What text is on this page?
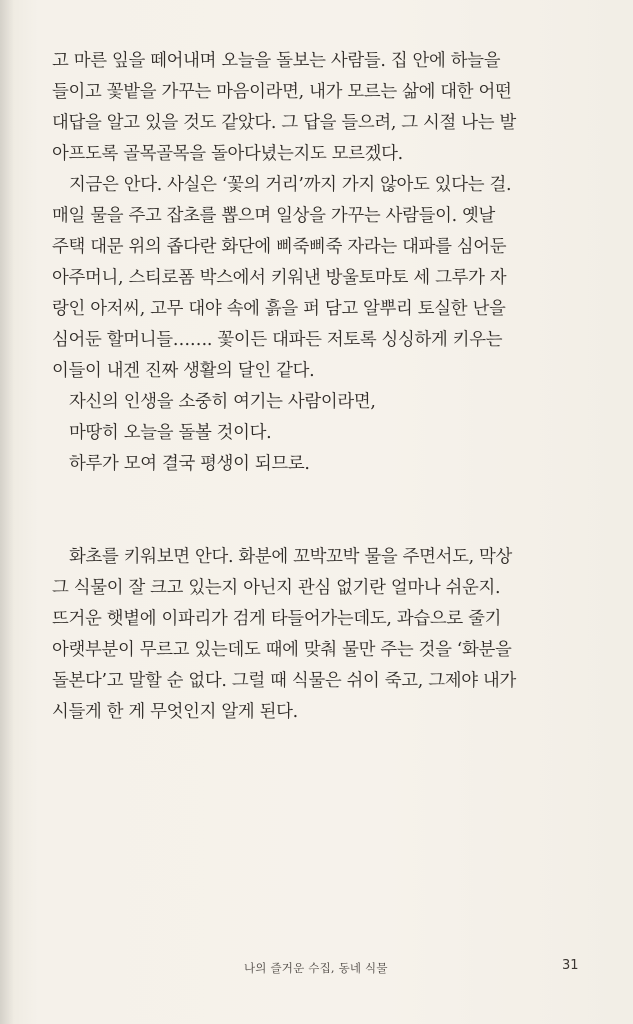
고 마른 잎을 떼어내며 오늘을 돌보는 사람들. 집 안에 하늘을
들이고 꽃밭을 가꾸는 마음이라면, 내가 모르는 삶에 대한 어떤
대답을 알고 있을 것도 같았다. 그 답을 들으려, 그 시절 나는 발
아프도록 골목골목을 돌아다녔는지도 모르겠다.
지금은 안다. 사실은 ‘꽃의 거리’까지 가지 않아도 있다는 걸.
매일 물을 주고 잡초를 뽑으며 일상을 가꾸는 사람들이. 옛날
주택 대문 위의 좁다란 화단에 삐죽삐죽 자라는 대파를 심어둔
아주머니, 스티로폼 박스에서 키워낸 방울토마토 세 그루가 자
랑인 아저씨, 고무 대야 속에 흙을 퍼 담고 알뿌리 토실한 난을
심어둔 할머니들……. 꽃이든 대파든 저토록 싱싱하게 키우는
이들이 내겐 진짜 생활의 달인 같다.
자신의 인생을 소중히 여기는 사람이라면,
마땅히 오늘을 돌볼 것이다.
하루가 모여 결국 평생이 되므로.
화초를 키워보면 안다. 화분에 꼬박꼬박 물을 주면서도, 막상
그 식물이 잘 크고 있는지 아닌지 관심 없기란 얼마나 쉬운지.
뜨거운 햇볕에 이파리가 검게 타들어가는데도, 과습으로 줄기
아랫부분이 무르고 있는데도 때에 맞춰 물만 주는 것을 ‘화분을
돌본다’고 말할 순 없다. 그럴 때 식물은 쉬이 죽고, 그제야 내가
시들게 한 게 무엇인지 알게 된다.
나의 즐거운 수집, 동네 식물	31
